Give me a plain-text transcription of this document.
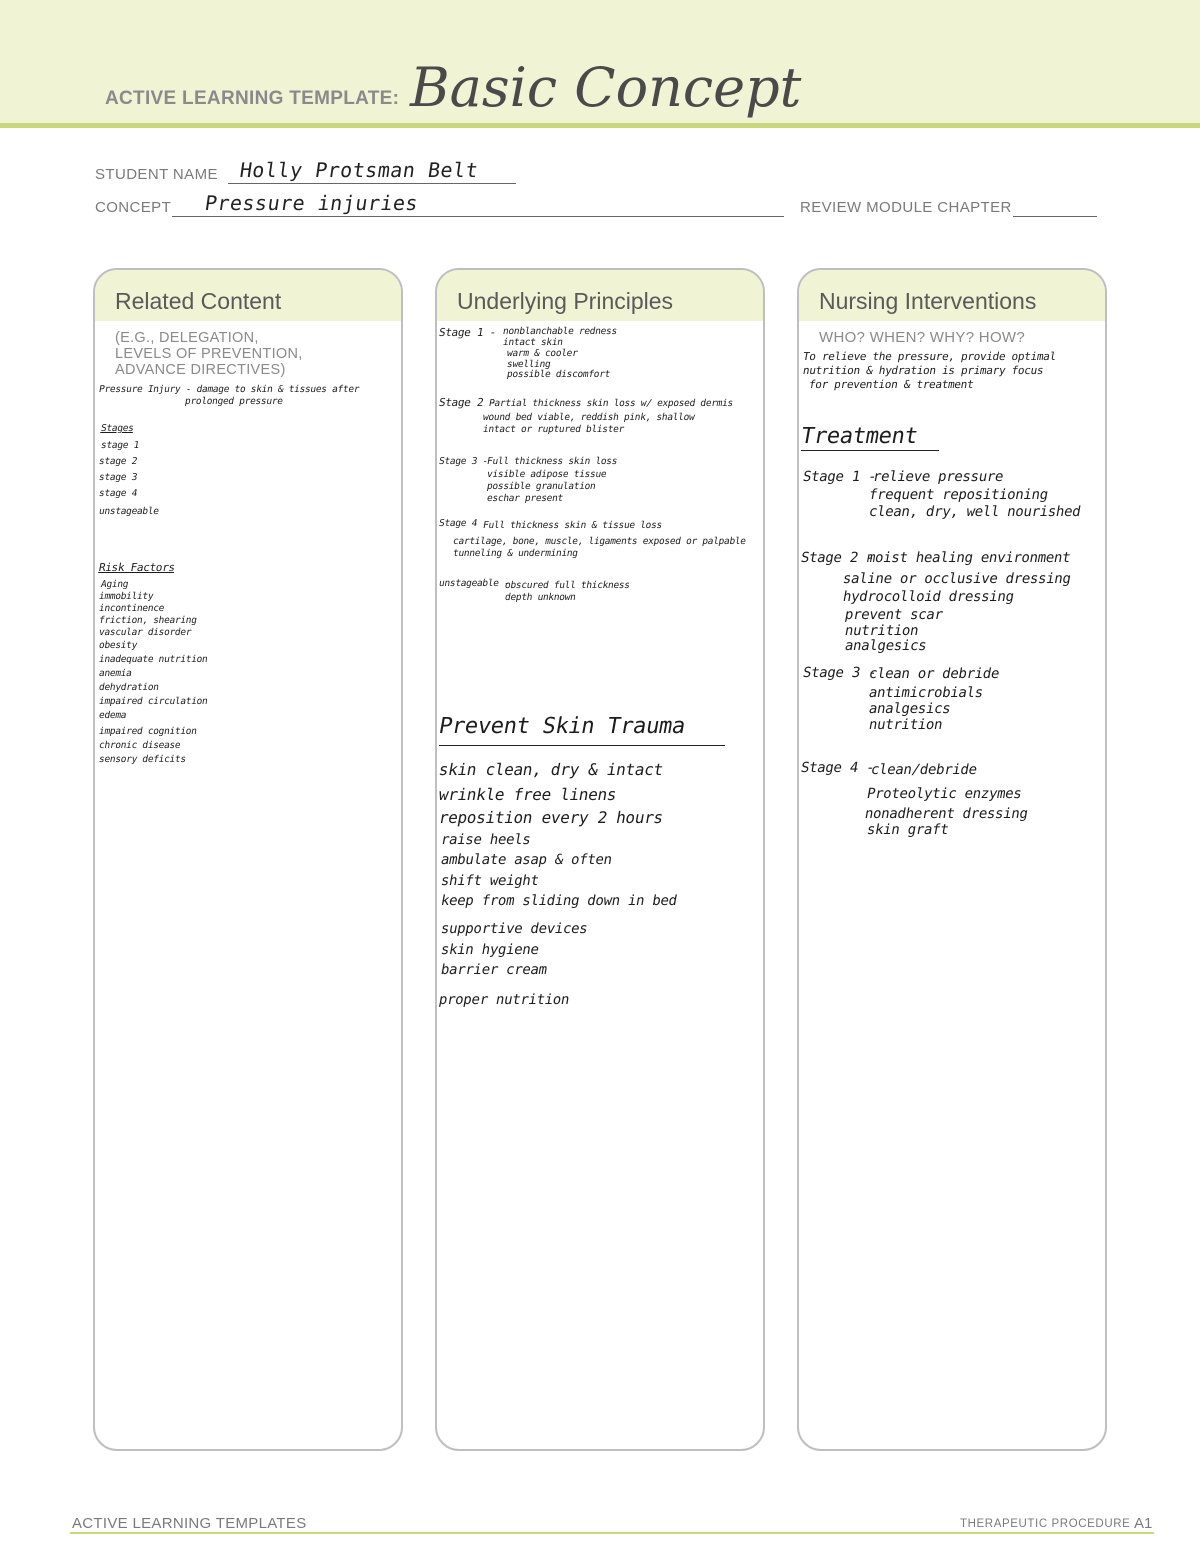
ACTIVE LEARNING TEMPLATE: Basic Concept
STUDENT NAME Holly Protsman Belt
CONCEPT Pressure injuries	REVIEW MODULE CHAPTER
Related Content
(E.G., DELEGATION,
LEVELS OF PREVENTION,
ADVANCE DIRECTIVES)
Pressure Injury - damage to skin & tissues after
prolonged pressure
Stages
stage 1
stage 2
stage 3
stage 4
unstageable
Risk Factors
Aging
immobility
incontinence
friction, shearing
vascular disorder
obesity
inadequate nutrition
anemia
dehydration
impaired circulation
edema
impaired cognition
chronic disease
sensory deficits
Underlying Principles
Stage 1 - nonblanchable redness
intact skin
warm & cooler
swelling
possible discomfort
Stage 2 -
Partial thickness skin loss w/ exposed dermis
wound bed viable, reddish pink, shallow
intact or ruptured blister
Stage 3 -
Full thickness skin loss
visible adipose tissue
possible granulation
eschar present
Stage 4 Full thickness skin & tissue loss
cartilage, bone, muscle, ligaments exposed or palpable
tunneling & undermining
unstageable -
obscured full thickness
depth unknown
Prevent Skin Trauma
skin clean, dry & intact
wrinkle free linens
reposition every 2 hours
raise heels
ambulate asap & often
shift weight
keep from sliding down in bed
supportive devices
skin hygiene
barrier cream
proper nutrition
Nursing Interventions
WHO? WHEN? WHY? HOW?
To relieve the pressure, provide optimal
nutrition & hydration is primary focus
for prevention & treatment
Treatment
Stage 1 -
relieve pressure
frequent repositioning
clean, dry, well nourished
Stage 2 -
moist healing environment
saline or occlusive dressing
hydrocolloid dressing
prevent scar
nutrition
analgesics
Stage 3 -
clean or debride
antimicrobials
analgesics
nutrition
Stage 4 -
clean/debride
Proteolytic enzymes
nonadherent dressing
skin graft
ACTIVE LEARNING TEMPLATES	THERAPEUTIC PROCEDURE A1
